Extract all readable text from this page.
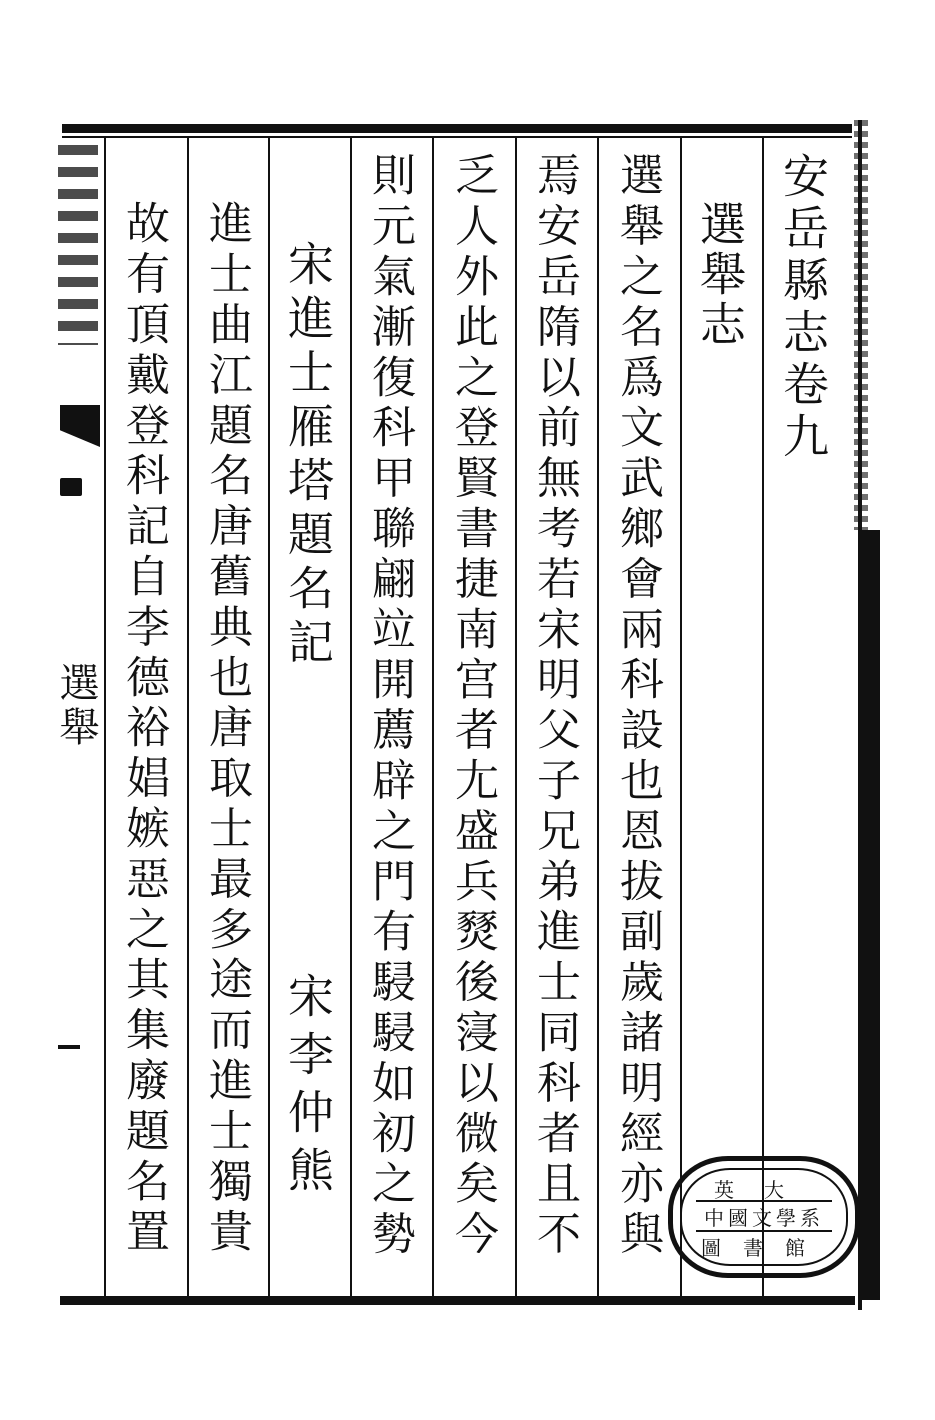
安岳縣志卷九
選舉志
選舉之名爲文武鄉會兩科設也恩拔副歲諸明經亦與
焉安岳隋以前無考若宋明父子兄弟進士同科者且不
乏人外此之登賢書捷南宫者尢盛兵燹後寖以微矣今
則元氣漸復科甲聯翩竝開薦辟之門有駸駸如初之勢
宋進士雁塔題名記
宋李仲熊
進士曲江題名唐舊典也唐取士最多途而進士獨貴
故有頂戴登科記自李德裕娼嫉惡之其集廢題名置
選舉
英大
中國文學系
圖書館
